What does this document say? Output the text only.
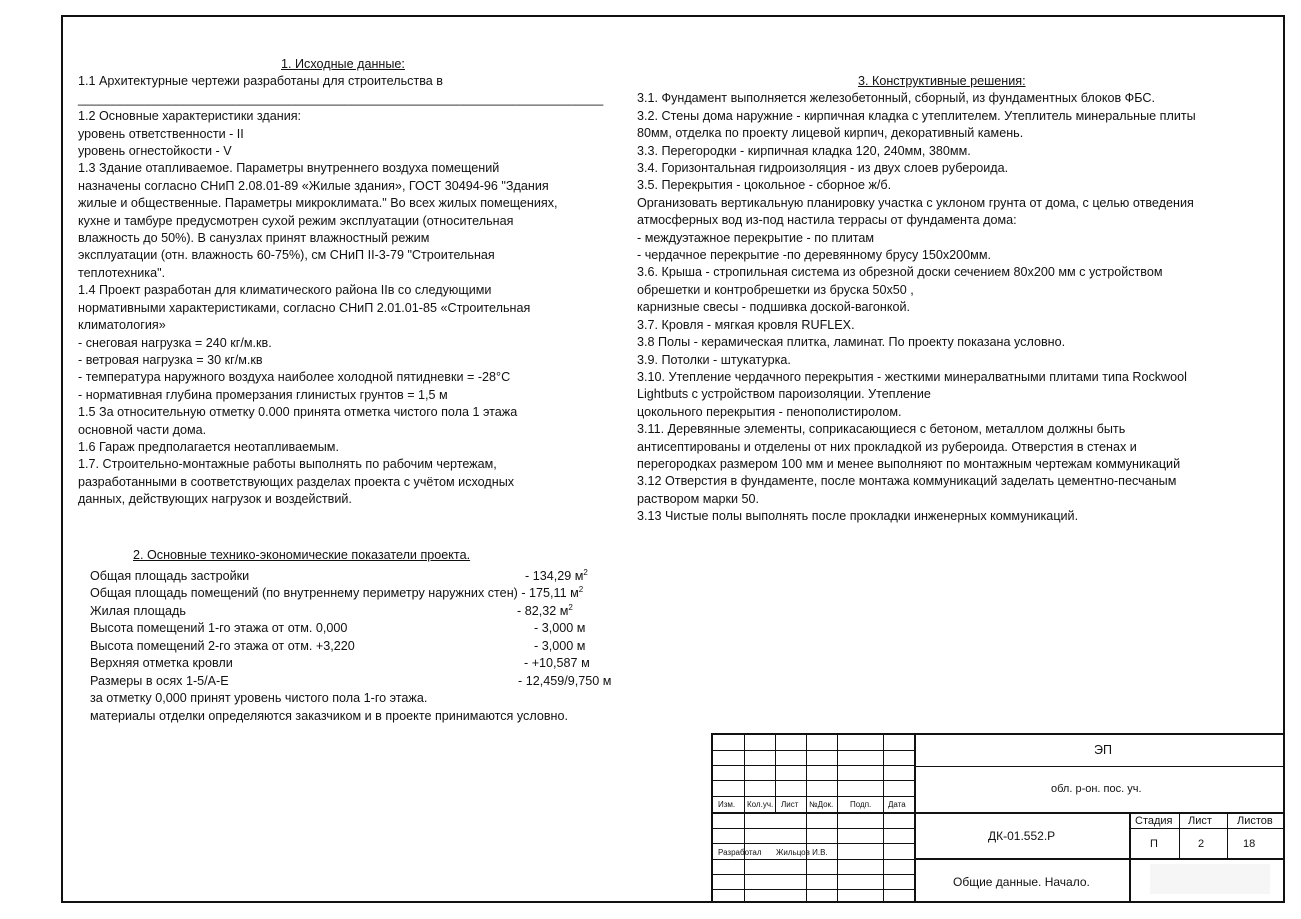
1. Исходные данные:
1.1 Архитектурные чертежи разработаны для строительства в
___________________________________________________________________________
1.2 Основные характеристики здания:
уровень ответственности - II
уровень огнестойкости - V
1.3 Здание отапливаемое. Параметры внутреннего воздуха помещений
назначены согласно СНиП 2.08.01-89 «Жилые здания», ГОСТ 30494-96 "Здания
жилые и общественные. Параметры микроклимата." Во всех жилых помещениях,
кухне и тамбуре предусмотрен сухой режим эксплуатации (относительная
влажность до 50%). В санузлах принят влажностный режим
эксплуатации (отн. влажность 60-75%), см СНиП II-3-79 "Строительная
теплотехника".
1.4 Проект разработан для климатического района IIв со следующими
нормативными характеристиками, согласно СНиП 2.01.01-85 «Строительная
климатология»
- снеговая нагрузка = 240 кг/м.кв.
- ветровая нагрузка = 30 кг/м.кв
- температура наружного воздуха наиболее холодной пятидневки = -28°С
- нормативная глубина промерзания глинистых грунтов = 1,5 м
1.5 За относительную отметку 0.000 принята отметка чистого пола 1 этажа
основной части дома.
1.6 Гараж предполагается неотапливаемым.
1.7. Строительно-монтажные работы выполнять по рабочим чертежам,
разработанными в соответствующих разделах проекта с учётом исходных
данных, действующих нагрузок и воздействий.
3. Конструктивные решения:
3.1. Фундамент выполняется железобетонный, сборный, из фундаментных блоков ФБС.
3.2. Стены дома наружние - кирпичная кладка с утеплителем. Утеплитель минеральные плиты
80мм, отделка по проекту лицевой кирпич, декоративный камень.
3.3. Перегородки - кирпичная кладка 120, 240мм, 380мм.
3.4. Горизонтальная гидроизоляция - из двух слоев рубероида.
3.5. Перекрытия - цокольное - сборное ж/б.
Организовать вертикальную планировку участка с уклоном грунта от дома, с целью отведения
атмосферных вод из-под настила террасы от фундамента дома:
- междуэтажное перекрытие - по плитам
- чердачное перекрытие -по деревянному брусу 150х200мм.
3.6. Крыша - стропильная система из обрезной доски сечением 80х200 мм с устройством
обрешетки и контробрешетки из бруска 50х50 ,
карнизные свесы - подшивка доской-вагонкой.
3.7. Кровля - мягкая кровля RUFLEX.
3.8 Полы - керамическая плитка, ламинат. По проекту показана условно.
3.9. Потолки - штукатурка.
3.10. Утепление чердачного перекрытия - жесткими минералватными плитами типа Rockwool
Lightbuts с устройством пароизоляции. Утепление
цокольного перекрытия - пенополистиролом.
3.11. Деревянные элементы, соприкасающиеся с бетоном, металлом должны быть
антисептированы и отделены от них прокладкой из рубероида. Отверстия в стенах и
перегородках размером 100 мм и менее выполняют по монтажным чертежам коммуникаций
3.12 Отверстия в фундаменте, после монтажа коммуникаций заделать цементно-песчаным
раствором марки 50.
3.13 Чистые полы выполнять после прокладки инженерных коммуникаций.
2. Основные технико-экономические показатели проекта.
Общая площадь застройки	- 134,29 $м^2$
Общая площадь помещений (по внутреннему периметру наружних стен) - 175,11 $м^2$
Жилая площадь	- 82,32 $м^2$
Высота помещений 1-го этажа от отм. 0,000	- 3,000 м
Высота помещений 2-го этажа от отм. +3,220	- 3,000 м
Верхняя отметка кровли	- +10,587 м
Размеры в осях 1-5/А-Е	- 12,459/9,750 м
за отметку 0,000 принят уровень чистого пола 1-го этажа.
материалы отделки определяются заказчиком и в проекте принимаются условно.
Изм. Кол.уч. Лист №Док. Подп. Дата
Разработал Жильцов И.В.
ЭП
обл. р-он. пос. уч.
ДК-01.552.Р
Общие данные. Начало.
Стадия Лист Листов
П	2	18
